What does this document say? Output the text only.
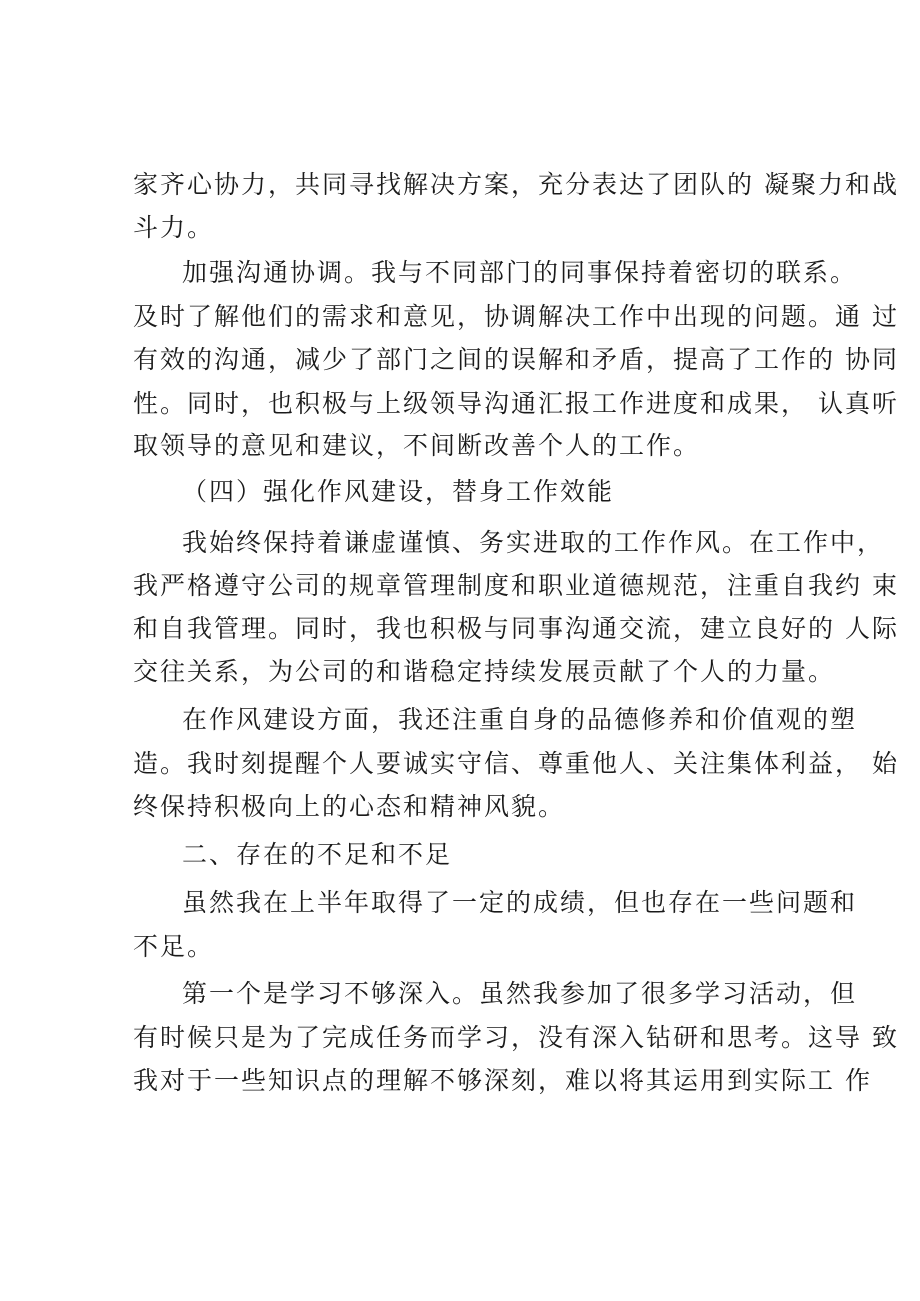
家齐心协力，共同寻找解决方案，充分表达了团队的 凝聚力和战
斗力。
加强沟通协调。我与不同部门的同事保持着密切的联系。
及时了解他们的需求和意见，协调解决工作中出现的问题。通 过
有效的沟通，减少了部门之间的误解和矛盾，提高了工作的 协同
性。同时，也积极与上级领导沟通汇报工作进度和成果， 认真听
取领导的意见和建议，不间断改善个人的工作。
（四）强化作风建设，替身工作效能
我始终保持着谦虚谨慎、务实进取的工作作风。在工作中，
我严格遵守公司的规章管理制度和职业道德规范，注重自我约 束
和自我管理。同时，我也积极与同事沟通交流，建立良好的 人际
交往关系，为公司的和谐稳定持续发展贡献了个人的力量。
在作风建设方面，我还注重自身的品德修养和价值观的塑
造。我时刻提醒个人要诚实守信、尊重他人、关注集体利益， 始
终保持积极向上的心态和精神风貌。
二、存在的不足和不足
虽然我在上半年取得了一定的成绩，但也存在一些问题和
不足。
第一个是学习不够深入。虽然我参加了很多学习活动，但
有时候只是为了完成任务而学习，没有深入钻研和思考。这导 致
我对于一些知识点的理解不够深刻，难以将其运用到实际工 作
